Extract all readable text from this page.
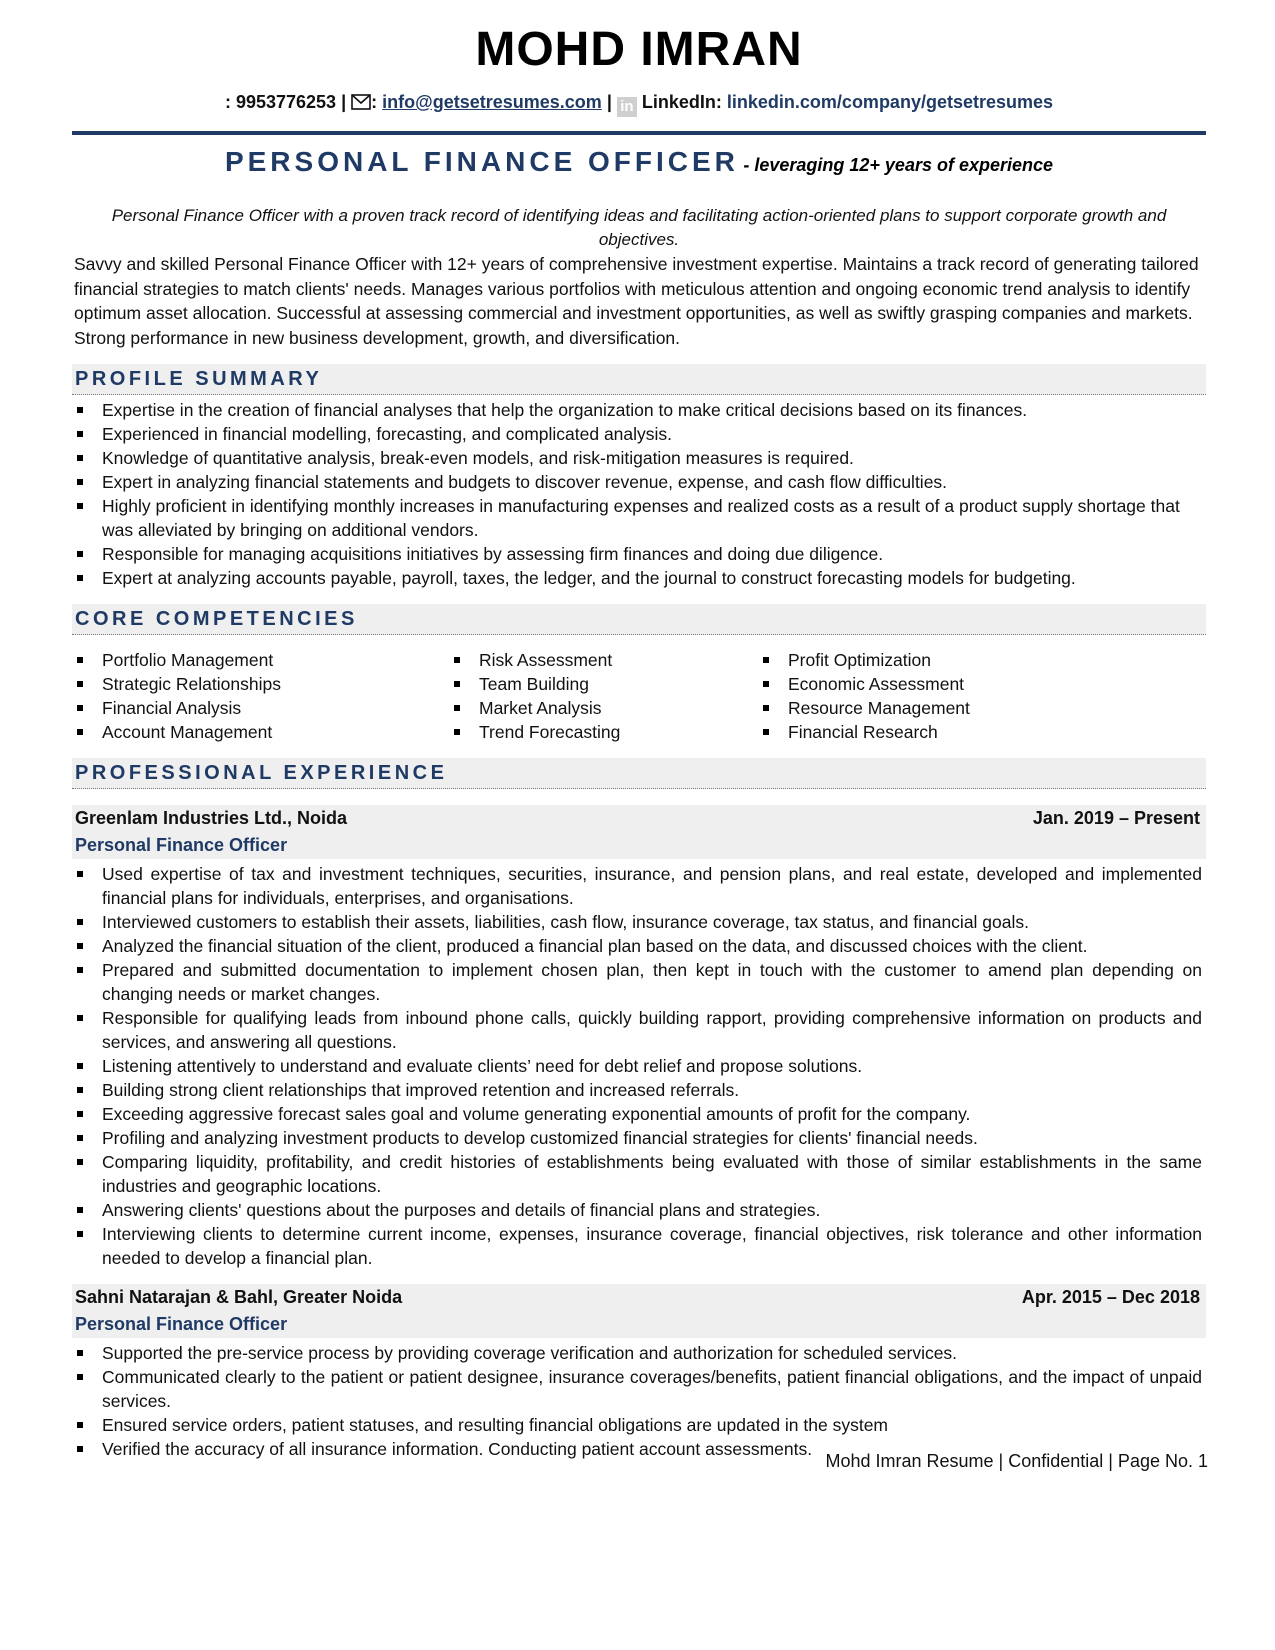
MOHD IMRAN
: 9953776253 | : info@getsetresumes.com | in LinkedIn: linkedin.com/company/getsetresumes
PERSONAL FINANCE OFFICER - leveraging 12+ years of experience
Personal Finance Officer with a proven track record of identifying ideas and facilitating action-oriented plans to support corporate growth and objectives.
Savvy and skilled Personal Finance Officer with 12+ years of comprehensive investment expertise. Maintains a track record of generating tailored financial strategies to match clients' needs. Manages various portfolios with meticulous attention and ongoing economic trend analysis to identify optimum asset allocation. Successful at assessing commercial and investment opportunities, as well as swiftly grasping companies and markets. Strong performance in new business development, growth, and diversification.
PROFILE SUMMARY
Expertise in the creation of financial analyses that help the organization to make critical decisions based on its finances.
Experienced in financial modelling, forecasting, and complicated analysis.
Knowledge of quantitative analysis, break-even models, and risk-mitigation measures is required.
Expert in analyzing financial statements and budgets to discover revenue, expense, and cash flow difficulties.
Highly proficient in identifying monthly increases in manufacturing expenses and realized costs as a result of a product supply shortage that was alleviated by bringing on additional vendors.
Responsible for managing acquisitions initiatives by assessing firm finances and doing due diligence.
Expert at analyzing accounts payable, payroll, taxes, the ledger, and the journal to construct forecasting models for budgeting.
CORE COMPETENCIES
Portfolio Management
Strategic Relationships
Financial Analysis
Account Management
Risk Assessment
Team Building
Market Analysis
Trend Forecasting
Profit Optimization
Economic Assessment
Resource Management
Financial Research
PROFESSIONAL EXPERIENCE
Greenlam Industries Ltd., Noida	Jan. 2019 – Present
Personal Finance Officer
Used expertise of tax and investment techniques, securities, insurance, and pension plans, and real estate, developed and implemented financial plans for individuals, enterprises, and organisations.
Interviewed customers to establish their assets, liabilities, cash flow, insurance coverage, tax status, and financial goals.
Analyzed the financial situation of the client, produced a financial plan based on the data, and discussed choices with the client.
Prepared and submitted documentation to implement chosen plan, then kept in touch with the customer to amend plan depending on changing needs or market changes.
Responsible for qualifying leads from inbound phone calls, quickly building rapport, providing comprehensive information on products and services, and answering all questions.
Listening attentively to understand and evaluate clients’ need for debt relief and propose solutions.
Building strong client relationships that improved retention and increased referrals.
Exceeding aggressive forecast sales goal and volume generating exponential amounts of profit for the company.
Profiling and analyzing investment products to develop customized financial strategies for clients' financial needs.
Comparing liquidity, profitability, and credit histories of establishments being evaluated with those of similar establishments in the same industries and geographic locations.
Answering clients' questions about the purposes and details of financial plans and strategies.
Interviewing clients to determine current income, expenses, insurance coverage, financial objectives, risk tolerance and other information needed to develop a financial plan.
Sahni Natarajan & Bahl, Greater Noida	Apr. 2015 – Dec 2018
Personal Finance Officer
Supported the pre-service process by providing coverage verification and authorization for scheduled services.
Communicated clearly to the patient or patient designee, insurance coverages/benefits, patient financial obligations, and the impact of unpaid services.
Ensured service orders, patient statuses, and resulting financial obligations are updated in the system
Verified the accuracy of all insurance information. Conducting patient account assessments.
Mohd Imran Resume | Confidential | Page No. 1
